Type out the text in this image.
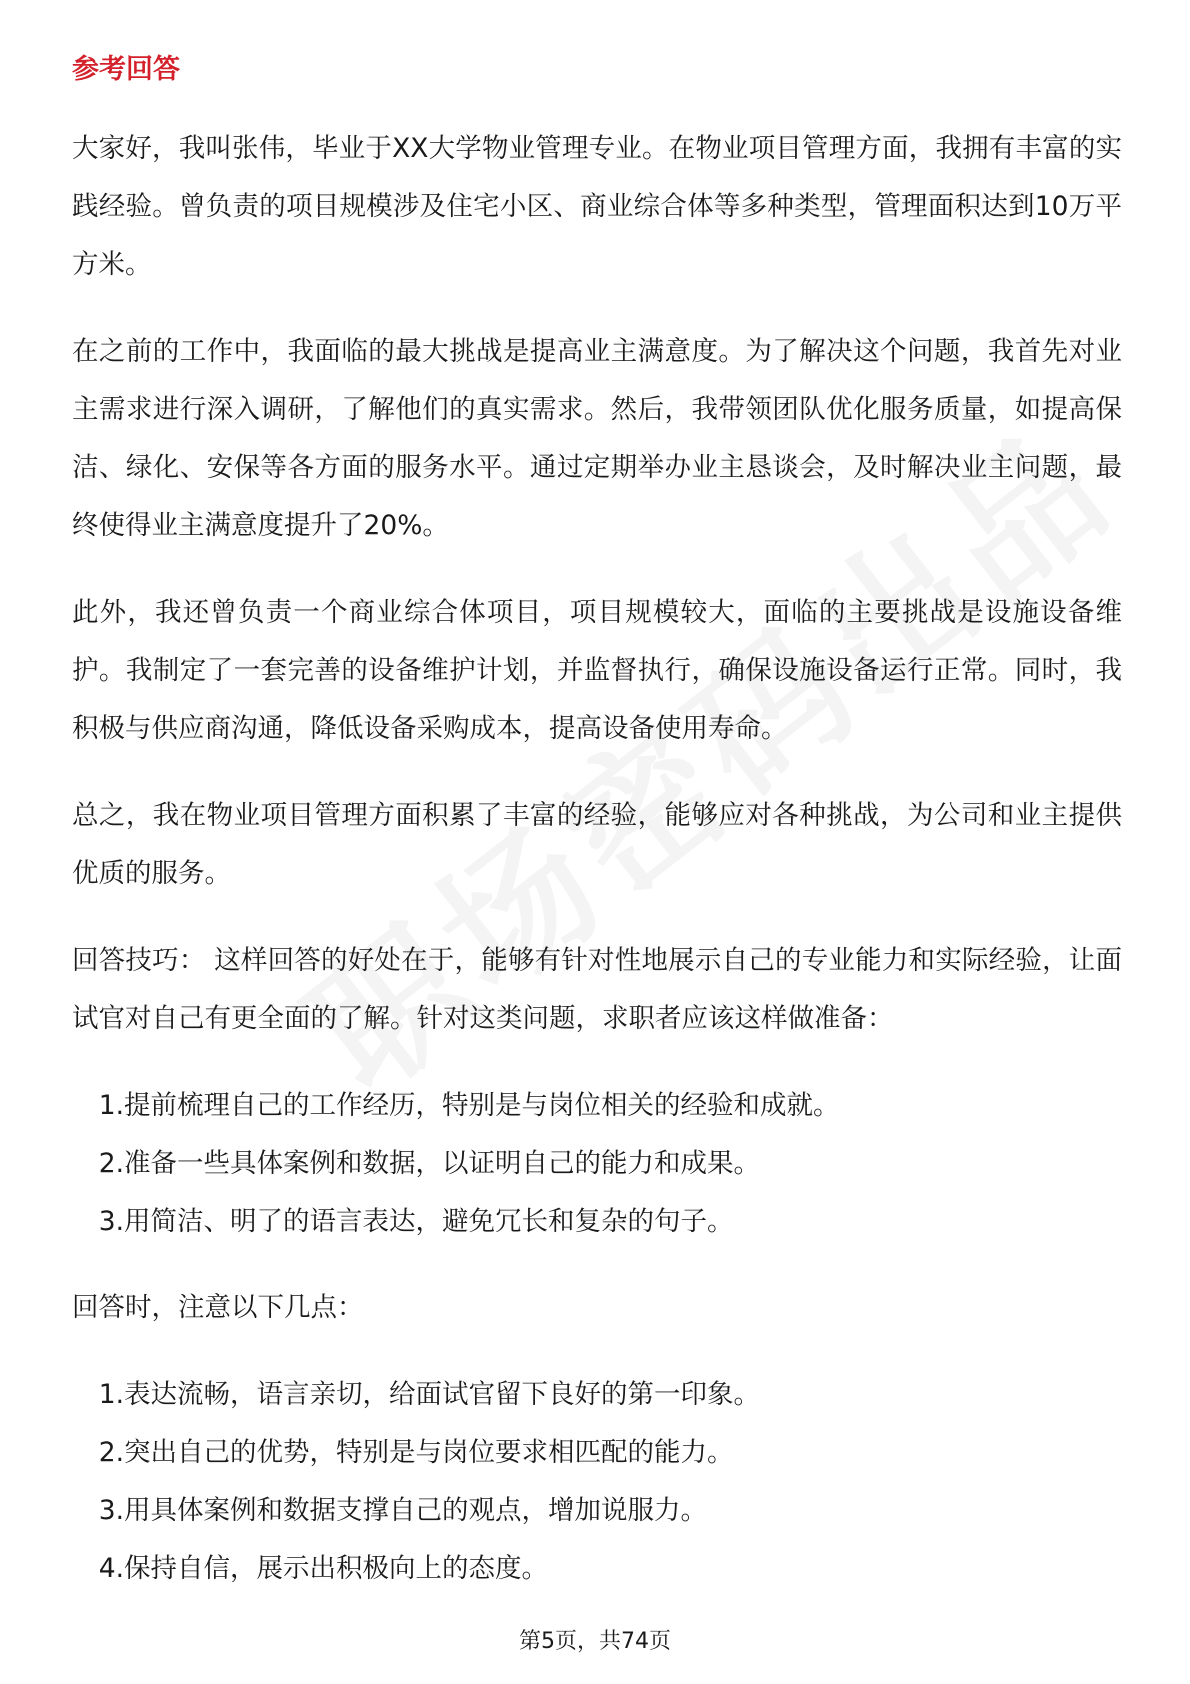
参考回答

大家好，我叫张伟，毕业于XX大学物业管理专业。在物业项目管理方面，我拥有丰富的实践经验。曾负责的项目规模涉及住宅小区、商业综合体等多种类型，管理面积达到10万平方米。

在之前的工作中，我面临的最大挑战是提高业主满意度。为了解决这个问题，我首先对业主需求进行深入调研，了解他们的真实需求。然后，我带领团队优化服务质量，如提高保洁、绿化、安保等各方面的服务水平。通过定期举办业主恳谈会，及时解决业主问题，最终使得业主满意度提升了20%。

此外，我还曾负责一个商业综合体项目，项目规模较大，面临的主要挑战是设施设备维护。我制定了一套完善的设备维护计划，并监督执行，确保设施设备运行正常。同时，我积极与供应商沟通，降低设备采购成本，提高设备使用寿命。

总之，我在物业项目管理方面积累了丰富的经验，能够应对各种挑战，为公司和业主提供优质的服务。

回答技巧： 这样回答的好处在于，能够有针对性地展示自己的专业能力和实际经验，让面试官对自己有更全面的了解。针对这类问题，求职者应该这样做准备：

1. 提前梳理自己的工作经历，特别是与岗位相关的经验和成就。
2. 准备一些具体案例和数据，以证明自己的能力和成果。
3. 用简洁、明了的语言表达，避免冗长和复杂的句子。

回答时，注意以下几点：

1. 表达流畅，语言亲切，给面试官留下良好的第一印象。
2. 突出自己的优势，特别是与岗位要求相匹配的能力。
3. 用具体案例和数据支撑自己的观点，增加说服力。
4. 保持自信，展示出积极向上的态度。
第5页，共74页
